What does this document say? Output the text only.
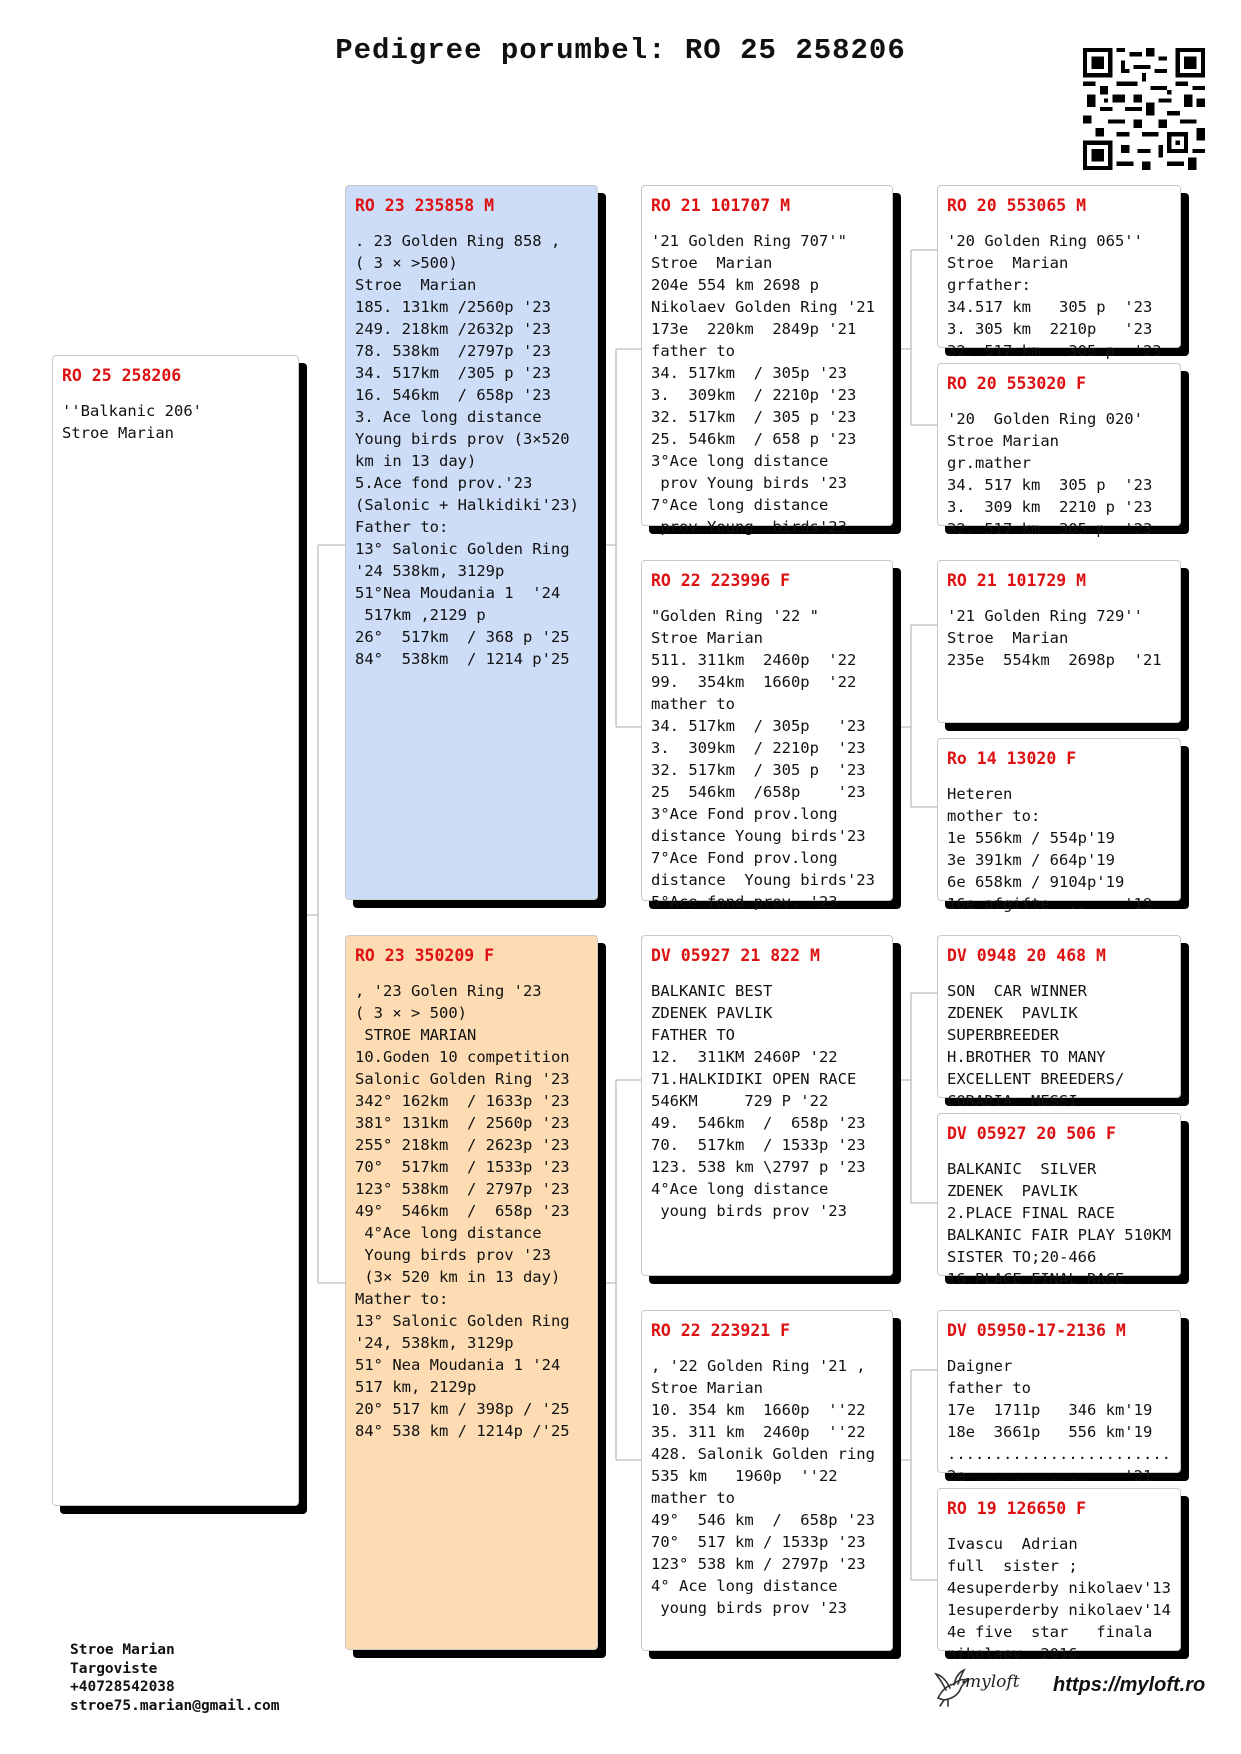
Pedigree porumbel: RO 25 258206
RO 25 258206
''Balkanic 206'
Stroe Marian
RO 23 235858 M
. 23 Golden Ring 858 ,
( 3 × >500)
Stroe  Marian
185. 131km /2560p '23
249. 218km /2632p '23
78. 538km  /2797p '23
34. 517km  /305 p '23
16. 546km  / 658p '23
3. Ace long distance
Young birds prov (3×520
km in 13 day)
5.Ace fond prov.'23
(Salonic + Halkidiki'23)
Father to:
13° Salonic Golden Ring
'24 538km, 3129p
51°Nea Moudania 1  '24
517km ,2129 p
26°  517km  / 368 p '25
84°  538km  / 1214 p'25
RO 23 350209 F
, '23 Golen Ring '23
( 3 × > 500)
STROE MARIAN
10.Goden 10 competition
Salonic Golden Ring '23
342° 162km  / 1633p '23
381° 131km  / 2560p '23
255° 218km  / 2623p '23
70°  517km  / 1533p '23
123° 538km  / 2797p '23
49°  546km  /  658p '23
4°Ace long distance
Young birds prov '23
(3× 520 km in 13 day)
Mather to:
13° Salonic Golden Ring
'24, 538km, 3129p
51° Nea Moudania 1 '24
517 km, 2129p
20° 517 km / 398p / '25
84° 538 km / 1214p /'25
RO 21 101707 M
'21 Golden Ring 707'"
Stroe  Marian
204e 554 km 2698 p
Nikolaev Golden Ring '21
173e  220km  2849p '21
father to
34. 517km  / 305p '23
3.  309km  / 2210p '23
32. 517km  / 305 p '23
25. 546km  / 658 p '23
3°Ace long distance
prov Young birds '23
7°Ace long distance
prov Young  birds'23
RO 22 223996 F
"Golden Ring '22 "
Stroe Marian
511. 311km  2460p  '22
99.  354km  1660p  '22
mather to
34. 517km  / 305p   '23
3.  309km  / 2210p  '23
32. 517km  / 305 p  '23
25  546km  /658p    '23
3°Ace Fond prov.long
distance Young birds'23
7°Ace Fond prov.long
distance  Young birds'23
5°Ace fond prov. '23
DV 05927 21 822 M
BALKANIC BEST
ZDENEK PAVLIK
FATHER TO
12.  311KM 2460P '22
71.HALKIDIKI OPEN RACE
546KM     729 P '22
49.  546km  /  658p '23
70.  517km  / 1533p '23
123. 538 km \2797 p '23
4°Ace long distance
young birds prov '23
RO 22 223921 F
, '22 Golden Ring '21 ,
Stroe Marian
10. 354 km  1660p  ''22
35. 311 km  2460p  ''22
428. Salonik Golden ring
535 km   1960p  ''22
mather to
49°  546 km  /  658p '23
70°  517 km / 1533p '23
123° 538 km / 2797p '23
4° Ace long distance
young birds prov '23
RO 20 553065 M
'20 Golden Ring 065''
Stroe  Marian
grfather:
34.517 km   305 p  '23
3. 305 km  2210p   '23
32. 517 km   305 p  '23
RO 20 553020 F
'20  Golden Ring 020'
Stroe Marian
gr.mather
34. 517 km  305 p  '23
3.  309 km  2210 p '23
32. 517 km  305 p  '23
RO 21 101729 M
'21 Golden Ring 729''
Stroe  Marian
235e  554km  2698p  '21
Ro 14 13020 F
Heteren
mother to:
1e 556km / 554p'19
3e 391km / 664p'19
6e 658km / 9104p'19
16e afgifte  ..    '19
DV 0948 20 468 M
SON  CAR WINNER
ZDENEK  PAVLIK
SUPERBREEDER
H.BROTHER TO MANY
EXCELLENT BREEDERS/
CORADIA  MESSI
DV 05927 20 506 F
BALKANIC  SILVER
ZDENEK  PAVLIK
2.PLACE FINAL RACE
BALKANIC FAIR PLAY 510KM
SISTER TO;20-466
16.PLACE FINAL RACE
DV 05950-17-2136 M
Daigner
father to
17e  1711p   346 km'19
18e  3661p   556 km'19
........................
2e ............    '21
RO 19 126650 F
Ivascu  Adrian
full  sister ;
4esuperderby nikolaev'13
1esuperderby nikolaev'14
4e five  star   finala
nikolaev  2016
Stroe Marian
Targoviste
+40728542038
stroe75.marian@gmail.com
myloft https://myloft.ro
